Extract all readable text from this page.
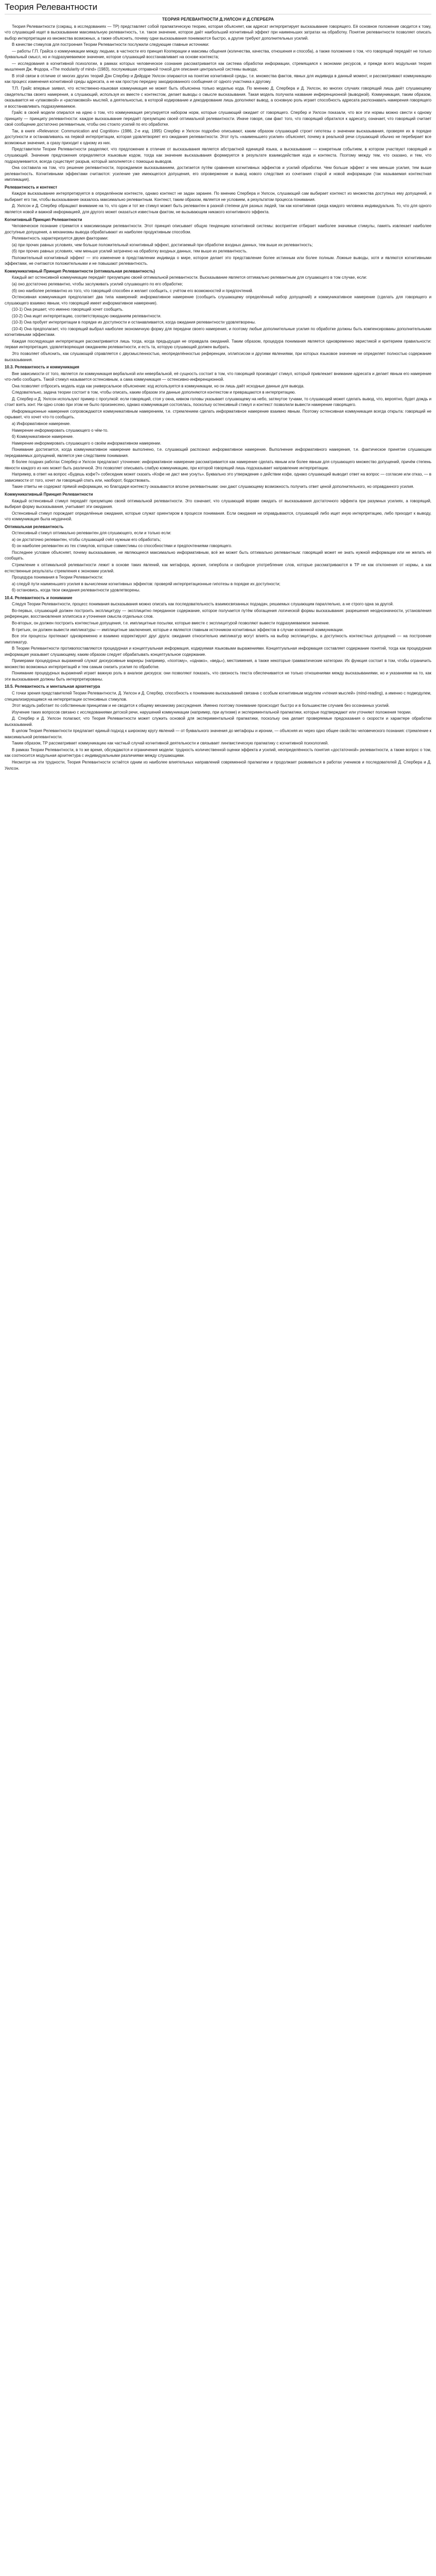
Теория Релевантности
ТЕОРИЯ РЕЛЕВАНТНОСТИ Д.УИЛСОН И Д.СПЕРБЕРА

Теория Релевантности (сокращ. в исследованиях — ТР) представляет собой прагматическую теорию, которая объясняет, как адресат интерпретирует высказывание говорящего. Её основное положение сводится к тому, что слушающий ищет в высказывании максимальную релевантность, т.е. такое значение, которое даёт наибольший когнитивный эффект при наименьших затратах на обработку. Понятие релевантности позволяет описать выбор интерпретации из множества возможных, а также объяснить, почему одни высказывания понимаются быстро, а другие требуют дополнительных усилий.

В качестве стимулов для построения Теории Релевантности послужили следующие главные источники:

— работы Г.П. Грайса о коммуникации между людьми, в частности его принцип Кооперации и максимы общения (количества, качества, отношения и способа), а также положение о том, что говорящий передаёт не только буквальный смысл, но и подразумеваемое значение, которое слушающий восстанавливает на основе контекста;

— исследования в когнитивной психологии, в рамках которых человеческое сознание рассматривается как система обработки информации, стремящаяся к экономии ресурсов, и прежде всего модульная теория мышления Дж. Фодора, «The modularity of mind» (1983), послужившая отправной точкой для описания центральной системы вывода;

В этой связи в отличие от многих других теорий Дэн Спербер и Дейрдре Уилсон опираются на понятие когнитивной среды, т.е. множества фактов, явных для индивида в данный момент, и рассматривают коммуникацию как процесс изменения когнитивной среды адресата, а не как простую передачу закодированного сообщения от одного участника к другому.

Т.П. Грайс впервые заявил, что естественно-языковая коммуникация не может быть объяснена только моделью кода. По мнению Д. Спербера и Д. Уилсон, во многих случаях говорящий лишь даёт слушающему свидетельства своего намерения, а слушающий, используя их вместе с контекстом, делает выводы о смысле высказывания. Такая модель получила название инференционной (выводной). Коммуникация, таким образом, оказывается не «упаковкой» и «распаковкой» мыслей, а деятельностью, в которой кодирование и декодирование лишь дополняют вывод, а основную роль играет способность адресата распознавать намерения говорящего и восстанавливать подразумеваемое.

Грайс в своей модели опирался на идею о том, что коммуникация регулируется набором норм, которые слушающий ожидает от говорящего. Спербер и Уилсон показали, что все эти нормы можно свести к одному принципу — принципу релевантности: каждое высказывание передаёт презумпцию своей оптимальной релевантности. Иначе говоря, сам факт того, что говорящий обратился к адресату, означает, что говорящий считает своё сообщение достаточно релевантным, чтобы оно стоило усилий по его обработке.

Так, в книге «Relevance: Communication and Cognition» (1986, 2-е изд. 1995) Спербер и Уилсон подробно описывают, каким образом слушающий строит гипотезы о значении высказывания, проверяя их в порядке доступности и останавливаясь на первой интерпретации, которая удовлетворяет его ожидания релевантности. Этот путь «наименьшего усилия» объясняет, почему в реальной речи слушающий обычно не перебирает все возможные значения, а сразу приходит к одному из них.

Представители Теории Релевантности разделяют, что предложение в отличие от высказывания является абстрактной единицей языка, а высказывание — конкретным событием, в котором участвуют говорящий и слушающий. Значение предложения определяется языковым кодом, тогда как значение высказывания формируется в результате взаимодействия кода и контекста. Поэтому между тем, что сказано, и тем, что подразумевается, всегда существует разрыв, который заполняется с помощью выводов.

Она составила на том, что решение релевантности, порождаемое высказыванием, достигается путём сравнения когнитивных эффектов и усилий обработки. Чем больше эффект и чем меньше усилия, тем выше релевантность. Когнитивными эффектами считаются: усиление уже имеющегося допущения, его опровержение и вывод нового следствия из сочетания старой и новой информации (так называемая контекстная импликация).

Релевантность и контекст

Каждое высказывание интерпретируется в определённом контексте, однако контекст не задан заранее. По мнению Спербера и Уилсон, слушающий сам выбирает контекст из множества доступных ему допущений, и выбирает его так, чтобы высказывание оказалось максимально релевантным. Контекст, таким образом, является не условием, а результатом процесса понимания.

Д. Уилсон и Д. Спербер обращают внимание на то, что один и тот же стимул может быть релевантен в разной степени для разных людей, так как когнитивная среда каждого человека индивидуальна. То, что для одного является новой и важной информацией, для другого может оказаться известным фактом, не вызывающим никакого когнитивного эффекта.

Когнитивный Принцип Релевантности

Человеческое познание стремится к максимизации релевантности. Этот принцип описывает общую тенденцию когнитивной системы: восприятие отбирает наиболее значимые стимулы, память извлекает наиболее доступные допущения, а механизмы вывода обрабатывают их наиболее продуктивным способом.

Релевантность характеризуется двумя факторами:

(а) при прочих равных условиях, чем больше положительный когнитивный эффект, достигаемый при обработке входных данных, тем выше их релевантность;

(б) при прочих равных условиях, чем меньше усилий затрачено на обработку входных данных, тем выше их релевантность.

Положительный когнитивный эффект — это изменение в представлении индивида о мире, которое делает это представление более истинным или более полным. Ложные выводы, хотя и являются когнитивными эффектами, не считаются положительными и не повышают релевантность.

Коммуникативный Принцип Релевантности (оптимальная релевантность)

Каждый акт остенсивной коммуникации передаёт презумпцию своей оптимальной релевантности. Высказывание является оптимально релевантным для слушающего в том случае, если:

(а) оно достаточно релевантно, чтобы заслуживать усилий слушающего по его обработке;

(б) оно наиболее релевантно из того, что говорящий способен и желает сообщить, с учётом его возможностей и предпочтений.

Остенсивная коммуникация предполагает два типа намерений: информативное намерение (сообщить слушающему определённый набор допущений) и коммуникативное намерение (сделать для говорящего и слушающего взаимно явным, что говорящий имеет информативное намерение).

(10-1) Она решает, что именно говорящий хочет сообщить.

(10-2) Она ищет интерпретацию, соответствующую ожиданиям релевантности.

(10-3) Она пробует интерпретации в порядке их доступности и останавливается, когда ожидания релевантности удовлетворены.

(10-4) Она предполагает, что говорящий выбрал наиболее экономичную форму для передачи своего намерения, и поэтому любые дополнительные усилия по обработке должны быть компенсированы дополнительными когнитивными эффектами.

Каждая последующая интерпретация рассматривается лишь тогда, когда предыдущая не оправдала ожиданий. Таким образом, процедура понимания является одновременно эвристикой и критерием правильности: первая интерпретация, удовлетворяющая ожиданиям релевантности, и есть та, которую слушающий должен выбрать.

Это позволяет объяснить, как слушающий справляется с двусмысленностью, неопределённостью референции, эллипсисом и другими явлениями, при которых языковое значение не определяет полностью содержание высказывания.

10.3. Релевантность и коммуникация

Вне зависимости от того, является ли коммуникация вербальной или невербальной, её сущность состоит в том, что говорящий производит стимул, который привлекает внимание адресата и делает явным его намерение что-либо сообщить. Такой стимул называется остенсивным, а сама коммуникация — остенсивно-инференционной.

Она позволяет отбросить модель кода как универсальное объяснение: код используется в коммуникации, но он лишь даёт исходные данные для вывода.

Следовательно, задача теории состоит в том, чтобы описать, каким образом эти данные дополняются контекстом и превращаются в интерпретацию.

Д. Спербер и Д. Уилсон используют пример с прогулкой: если говорящий, стоя у окна, кивком головы указывает слушающему на небо, затянутое тучами, то слушающий может сделать вывод, что, вероятно, будет дождь и стоит взять зонт. Ни одно слово при этом не было произнесено, однако коммуникация состоялась, поскольку остенсивный стимул и контекст позволили вывести намерение говорящего.

Информационные намерения сопровождаются коммуникативным намерением, т.е. стремлением сделать информативное намерение взаимно явным. Поэтому остенсивная коммуникация всегда открыта: говорящий не скрывает, что хочет что-то сообщить.

а) Информативное намерение.

Намерение информировать слушающего о чём-то.

б) Коммуникативное намерение.

Намерение информировать слушающего о своём информативном намерении.

Понимание достигается, когда коммуникативное намерение выполнено, т.е. слушающий распознал информативное намерение. Выполнение информативного намерения, т.е. фактическое принятие слушающим передаваемых допущений, является уже следствием понимания.

В более поздних работах Спербер и Уилсон предлагают уточнение: информативное намерение рассматривается как намерение сделать явным или более явным для слушающего множество допущений, причём степень явности каждого из них может быть различной. Это позволяет описывать слабую коммуникацию, при которой говорящий лишь подсказывает направление интерпретации.

Например, в ответ на вопрос «Будешь кофе?» собеседник может сказать «Кофе не даст мне уснуть». Буквально это утверждение о действии кофе, однако слушающий выводит ответ на вопрос — согласие или отказ, — в зависимости от того, хочет ли говорящий спать или, наоборот, бодрствовать.

Такие ответы не содержат прямой информации, но благодаря контексту оказываются вполне релевантными: они дают слушающему возможность получить ответ ценой дополнительного, но оправданного усилия.

Коммуникативный Принцип Релевантности

Каждый остенсивный стимул передаёт презумпцию своей оптимальной релевантности. Это означает, что слушающий вправе ожидать от высказывания достаточного эффекта при разумных усилиях, а говорящий, выбирая форму высказывания, учитывает эти ожидания.

Остенсивный стимул порождает определённые ожидания, которые служат ориентиром в процессе понимания. Если ожидания не оправдываются, слушающий либо ищет иную интерпретацию, либо приходит к выводу, что коммуникация была неудачной.

Оптимальная релевантность

Остенсивный стимул оптимально релевантен для слушающего, если и только если:

а) он достаточно релевантен, чтобы слушающий счёл нужным его обработать;

б) он наиболее релевантен из тех стимулов, которые совместимы со способностями и предпочтениями говорящего.

Последнее условие объясняет, почему высказывание, не являющееся максимально информативным, всё же может быть оптимально релевантным: говорящий может не знать нужной информации или не желать её сообщать.

Стремление к оптимальной релевантности лежит в основе таких явлений, как метафора, ирония, гипербола и свободное употребление слов, которые рассматриваются в ТР не как отклонения от нормы, а как естественные результаты стремления к экономии усилий.

Процедура понимания в Теории Релевантности:

а) следуй пути наименьшего усилия в вычислении когнитивных эффектов: проверяй интерпретационные гипотезы в порядке их доступности;

б) остановись, когда твои ожидания релевантности удовлетворены.

10.4. Релевантность и понимание

Следуя Теории Релевантности, процесс понимания высказывания можно описать как последовательность взаимосвязанных подзадач, решаемых слушающим параллельно, а не строго одна за другой.

Во-первых, слушающий должен построить эксплицитуру — эксплицитно переданное содержание, которое получается путём обогащения логической формы высказывания: разрешения неоднозначности, установления референции, восстановления эллипсиса и уточнения смысла отдельных слов.

Во-вторых, он должен построить контекстные допущения, т.е. имплицитные посылки, которые вместе с эксплицитурой позволяют вывести подразумеваемое значение.

В-третьих, он должен вывести импликатуры — имплицитные заключения, которые и являются главным источником когнитивных эффектов в случае косвенной коммуникации.

Все эти процессы протекают одновременно и взаимно корректируют друг друга: ожидания относительно импликатур могут влиять на выбор эксплицитуры, а доступность контекстных допущений — на построение импликатур.

В Теории Релевантности противопоставляются процедурная и концептуальная информация, кодируемая языковыми выражениями. Концептуальная информация составляет содержание понятий, тогда как процедурная информация указывает слушающему, каким образом следует обрабатывать концептуальное содержание.

Примерами процедурных выражений служат дискурсивные маркеры (например, «поэтому», «однако», «ведь»), местоимения, а также некоторые грамматические категории. Их функция состоит в том, чтобы ограничить множество возможных интерпретаций и тем самым снизить усилия по обработке.

Понимание процедурных выражений играет важную роль в анализе дискурса: они позволяют показать, что связность текста обеспечивается не только отношениями между высказываниями, но и указаниями на то, как эти высказывания должны быть интерпретированы.

10.5. Релевантность и ментальная архитектура

С точки зрения представителей Теории Релевантности, Д. Уилсон и Д. Спербер, способность к пониманию высказываний связана с особым когнитивным модулем «чтения мыслей» (mind-reading), а именно с подмодулем, специализирующимся на интерпретации остенсивных стимулов.

Этот модуль работает по собственным принципам и не сводится к общему механизму рассуждения. Именно поэтому понимание происходит быстро и в большинстве случаев без осознанных усилий.

Изучение таких вопросов связано с исследованиями детской речи, нарушений коммуникации (например, при аутизме) и экспериментальной прагматики, которые подтверждают или уточняют положения теории.

Д. Спербер и Д. Уилсон полагают, что Теория Релевантности может служить основой для экспериментальной прагматики, поскольку она делает проверяемые предсказания о скорости и характере обработки высказываний.

В целом Теория Релевантности предлагает единый подход к широкому кругу явлений — от буквального значения до метафоры и иронии, — объясняя их через одно общее свойство человеческого познания: стремление к максимальной релевантности.

Таким образом, ТР рассматривает коммуникацию как частный случай когнитивной деятельности и связывает лингвистическую прагматику с когнитивной психологией.

В рамках Теории Релевантности, в то же время, обсуждаются и ограничения модели: трудность количественной оценки эффекта и усилий, неопределённость понятия «достаточной» релевантности, а также вопрос о том, как соотносится модульная архитектура с индивидуальными различиями между слушающими.

Несмотря на эти трудности, Теория Релевантности остаётся одним из наиболее влиятельных направлений современной прагматики и продолжает развиваться в работах учеников и последователей Д. Спербера и Д. Уилсон.
